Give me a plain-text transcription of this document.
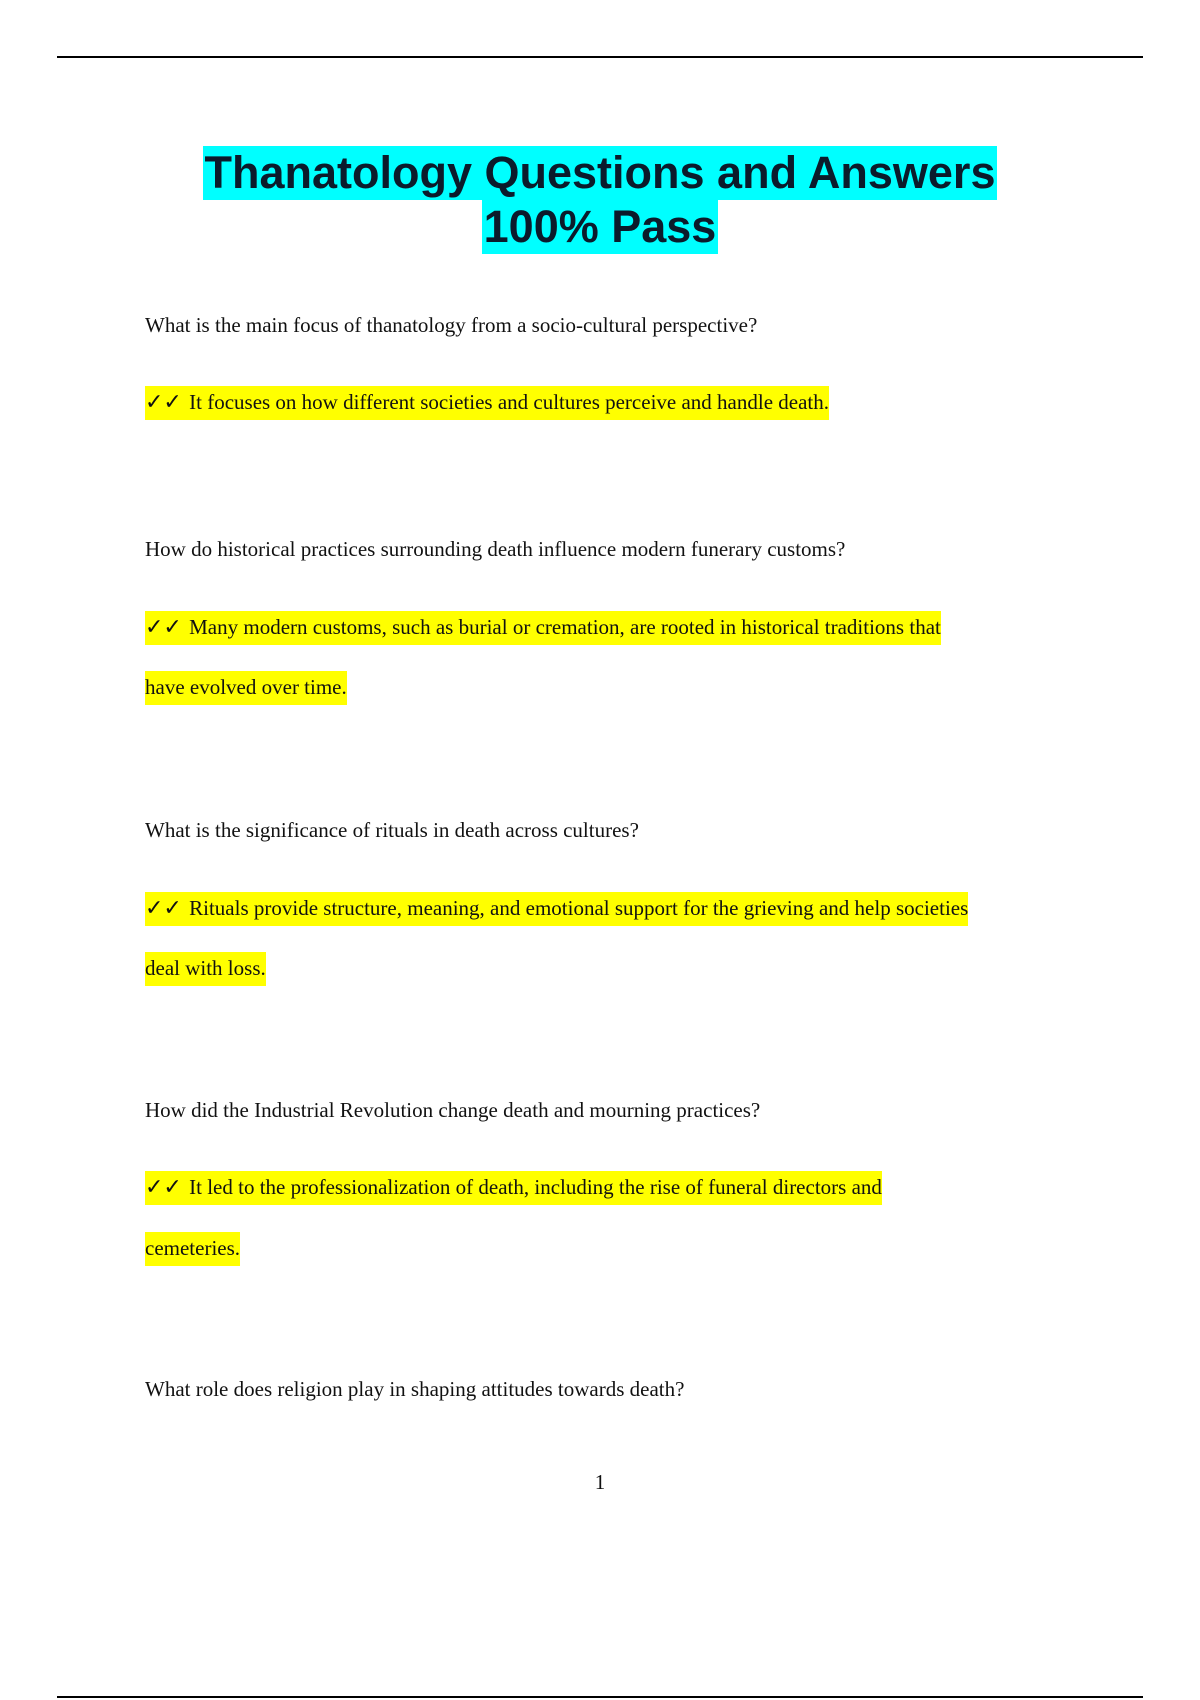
Thanatology Questions and Answers
100% Pass

What is the main focus of thanatology from a socio-cultural perspective?

✓✓ It focuses on how different societies and cultures perceive and handle death.

How do historical practices surrounding death influence modern funerary customs?

✓✓ Many modern customs, such as burial or cremation, are rooted in historical traditions that

have evolved over time.

What is the significance of rituals in death across cultures?

✓✓ Rituals provide structure, meaning, and emotional support for the grieving and help societies

deal with loss.

How did the Industrial Revolution change death and mourning practices?

✓✓ It led to the professionalization of death, including the rise of funeral directors and

cemeteries.

What role does religion play in shaping attitudes towards death?

1
